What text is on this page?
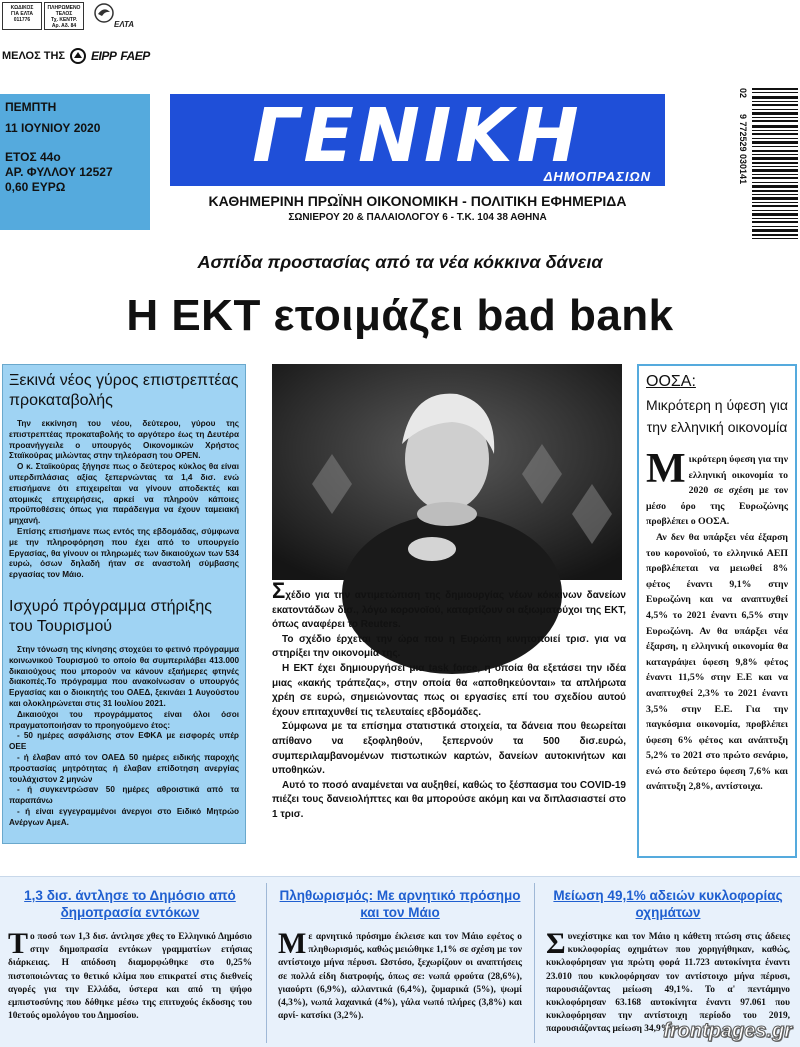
ΚΩΔΙΚΟΣ
ΓΙΑ ΕΛΤΑ
011776
ΠΛΗΡΩΜΕΝΟ
ΤΕΛΟΣ
Τχ. ΚΕΝΤΡ.
Αρ. Αδ. 84	ΕΛΤΑ
ΜΕΛΟΣ ΤΗΣ ΕΙΡΡ FAEP
ΠΕΜΠΤΗ
11 ΙΟΥΝΙΟΥ 2020
ΕΤΟΣ 44ο
ΑΡ. ΦΥΛΛΟΥ 12527
0,60 ΕΥΡΩ
ΓΕΝΙΚΗ
ΔΗΜΟΠΡΑΣΙΩΝ
ΚΑΘΗΜΕΡΙΝΗ ΠΡΩΪΝΗ ΟΙΚΟΝΟΜΙΚΗ - ΠΟΛΙΤΙΚΗ ΕΦΗΜΕΡΙΔΑ
ΣΩΝΙΕΡΟΥ 20 & ΠΑΛΑΙΟΛΟΓΟΥ 6 - Τ.Κ. 104 38 ΑΘΗΝΑ
02
9 772529 030141
Ασπίδα προστασίας από τα νέα κόκκινα δάνεια
Η ΕΚΤ ετοιμάζει bad bank
Ξεκινά νέος γύρος επιστρεπτέας προκαταβολής

Την εκκίνηση του νέου, δεύτερου, γύρου της επιστρεπτέας προκαταβολής το αργότερο έως τη Δευτέρα προανήγγειλε ο υπουργός Οικονομικών Χρήστος Σταϊκούρας μιλώντας στην τηλεόραση του OPEN.

Ο κ. Σταϊκούρας ξήγησε πως ο δεύτερος κύκλος θα είναι υπερδιπλάσιας αξίας ξεπερνώντας τα 1,4 δισ. ενώ επισήμανε ότι επιχειρείται να γίνουν αποδεκτές και ατομικές επιχειρήσεις, αρκεί να πληρούν κάποιες προϋποθέσεις όπως για παράδειγμα να έχουν ταμειακή μηχανή.

Επίσης επισήμανε πως εντός της εβδομάδας, σύμφωνα με την πληροφόρηση που έχει από το υπουργείο Εργασίας, θα γίνουν οι πληρωμές των δικαιούχων των 534 ευρώ, όσων δηλαδή ήταν σε αναστολή σύμβασης εργασίας τον Μάιο.

Ισχυρό πρόγραμμα στήριξης του Τουρισμού

Στην τόνωση της κίνησης στοχεύει το φετινό πρόγραμμα κοινωνικού Τουρισμού το οποίο θα συμπεριλάβει 413.000 δικαιούχους που μπορούν να κάνουν εξαήμερες φτηνές διακοπές.Το πρόγραμμα που ανακοίνωσαν ο υπουργός Εργασίας και ο διοικητής του ΟΑΕΔ, ξεκινάει 1 Αυγούστου και ολοκληρώνεται στις 31 Ιουλίου 2021.

Δικαιούχοι του προγράμματος είναι όλοι όσοι πραγματοποιήσαν το προηγούμενο έτος:

- 50 ημέρες ασφάλισης στον ΕΦΚΑ με εισφορές υπέρ ΟΕΕ

- ή έλαβαν από τον ΟΑΕΔ 50 ημέρες ειδικής παροχής προστασίας μητρότητας ή έλαβαν επίδοτηση ανεργίας τουλάχιστον 2 μηνών

- ή συγκεντρώσαν 50 ημέρες αθροιστικά από τα παραπάνω

- ή είναι εγγεγραμμένοι άνεργοι στο Ειδικό Μητρώο Ανέργων ΑμεΑ.

Σχέδιο για την αντιμετώπιση της δημιουργίας νέων κόκκινων δανείων εκατοντάδων δισ., λόγω κορονοϊού, καταρτίζουν οι αξιωματούχοι της ΕΚΤ, όπως αναφέρει το Reuters.

Το σχέδιο έρχεται την ώρα που η Ευρώπη κινητοποιεί τρισ. για να στηρίξει την οικονομία της.

Η ΕΚΤ έχει δημιουργήσει μια task force, η οποία θα εξετάσει την ιδέα μιας «κακής τράπεζας», στην οποία θα «αποθηκεύονται» τα απλήρωτα χρέη σε ευρώ, σημειώνοντας πως οι εργασίες επί του σχεδίου αυτού έχουν επιταχυνθεί τις τελευταίες εβδομάδες.

Σύμφωνα με τα επίσημα στατιστικά στοιχεία, τα δάνεια που θεωρείται απίθανο να εξοφληθούν, ξεπερνούν τα 500 δισ.ευρώ, συμπεριλαμβανομένων πιστωτικών καρτών, δανείων αυτοκινήτων και υποθηκών.

Αυτό το ποσό αναμένεται να αυξηθεί, καθώς το ξέσπασμα του COVID-19 πιέζει τους δανειολήπτες και θα μπορούσε ακόμη και να διπλασιαστεί στο 1 τρισ.

ΟΟΣΑ:
Μικρότερη η ύφεση για την ελληνική οικονομία

Μικρότερη ύφεση για την ελληνική οικονομία το 2020 σε σχέση με τον μέσο όρο της Ευρωζώνης προβλέπει ο ΟΟΣΑ.

Αν δεν θα υπάρξει νέα έξαρση του κορονοϊού, το ελληνικό ΑΕΠ προβλέπεται να μειωθεί 8% φέτος έναντι 9,1% στην Ευρωζώνη και να αναπτυχθεί 4,5% το 2021 έναντι 6,5% στην Ευρωζώνη. Αν θα υπάρξει νέα έξαρση, η ελληνική οικονομία θα καταγράψει ύφεση 9,8% φέτος έναντι 11,5% στην Ε.Ε και να αναπτυχθεί 2,3% το 2021 έναντι 3,5% στην Ε.Ε. Για την παγκόσμια οικονομία, προβλέπει ύφεση 6% φέτος και ανάπτυξη 5,2% το 2021 στο πρώτο σενάριο, ενώ στο δεύτερο ύφεση 7,6% και ανάπτυξη 2,8%, αντίστοιχα.

1,3 δισ. άντλησε το Δημόσιο από δημοπρασία εντόκων

Το ποσό των 1,3 δισ. άντλησε χθες το Ελληνικό Δημόσιο στην δημοπρασία εντόκων γραμματίων ετήσιας διάρκειας. Η απόδοση διαμορφώθηκε στο 0,25% πιστοποιώντας το θετικό κλίμα που επικρατεί στις διεθνείς αγορές για την Ελλάδα, ύστερα και από τη ψήφο εμπιστοσύνης που δόθηκε μέσω της επιτυχούς έκδοσης του 10ετούς ομολόγου του Δημοσίου.

Πληθωρισμός: Με αρνητικό πρόσημο και τον Μάιο

Με αρνητικό πρόσημο έκλεισε και τον Μάιο εφέτος ο πληθωρισμός, καθώς μειώθηκε 1,1% σε σχέση με τον αντίστοιχο μήνα πέρυσι. Ωστόσο, ξεχωρίζουν οι αναπτήσεις σε πολλά είδη διατροφής, όπως σε: νωπά φρούτα (28,6%), γιαούρτι (6,9%), αλλαντικά (6,4%), ζυμαρικά (5%), ψωμί (4,3%), νωπά λαχανικά (4%), γάλα νωπό πλήρες (3,8%) και αρνί- κατσίκι (3,2%).

Μείωση 49,1% αδειών κυκλοφορίας οχημάτων

Συνεχίστηκε και τον Μάιο η κάθετη πτώση στις άδειες κυκλοφορίας οχημάτων που χορηγήθηκαν, καθώς, κυκλοφόρησαν για πρώτη φορά 11.723 αυτοκίνητα έναντι 23.010 που κυκλοφόρησαν τον αντίστοιχο μήνα πέρυσι, παρουσιάζοντας μείωση 49,1%. Το α' πεντάμηνο κυκλοφόρησαν 63.168 αυτοκίνητα έναντι 97.061 που κυκλοφόρησαν την αντίστοιχη περίοδο του 2019, παρουσιάζοντας μείωση 34,9%.

frontpages.gr
